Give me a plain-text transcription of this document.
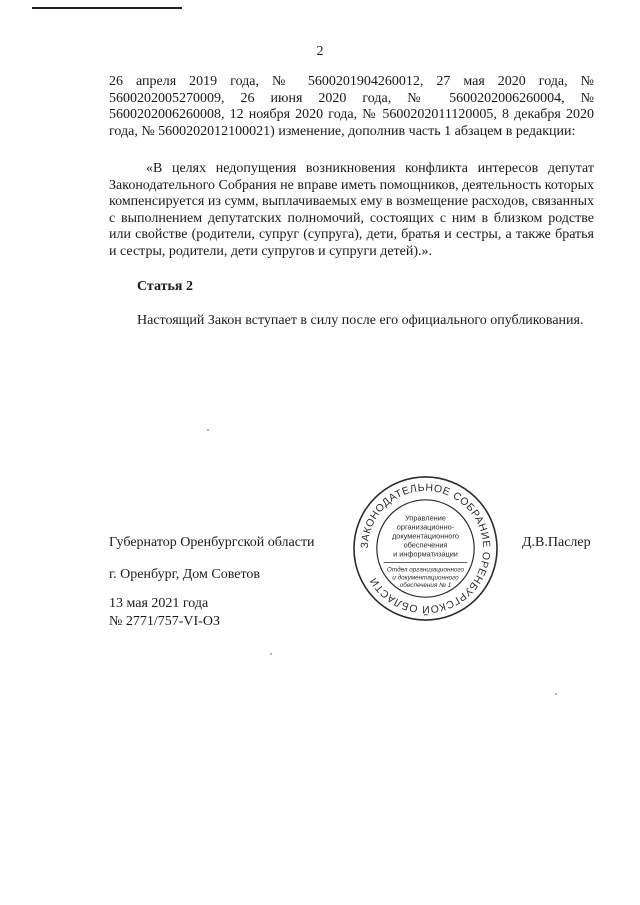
2
26 апреля 2019 года, № 5600201904260012, 27 мая 2020 года, № 5600202005270009, 26 июня 2020 года, № 5600202006260004, № 5600202006260008, 12 ноября 2020 года, № 5600202011120005, 8 декабря 2020 года, № 5600202012100021) изменение, дополнив часть 1 абзацем в редакции:
«В целях недопущения возникновения конфликта интересов депутат Законодательного Собрания не вправе иметь помощников, деятельность которых компенсируется из сумм, выплачиваемых ему в возмещение расходов, связанных с выполнением депутатских полномочий, состоящих с ним в близком родстве или свойстве (родители, супруг (супруга), дети, братья и сестры, а также братья и сестры, родители, дети супругов и супруги детей).».
Статья 2
Настоящий Закон вступает в силу после его официального опубликования.
Губернатор Оренбургской области	Д.В.Паслер
г. Оренбург, Дом Советов
13 мая 2021 года
№ 2771/757-VI-ОЗ
ЗАКОНОДАТЕЛЬНОЕ СОБРАНИЕ ОРЕНБУРГСКОЙ ОБЛАСТИ
Управление
организационно-
документационного
обеспечения
и информатизации
Отдел организационного
и документационного
обеспечения № 1
